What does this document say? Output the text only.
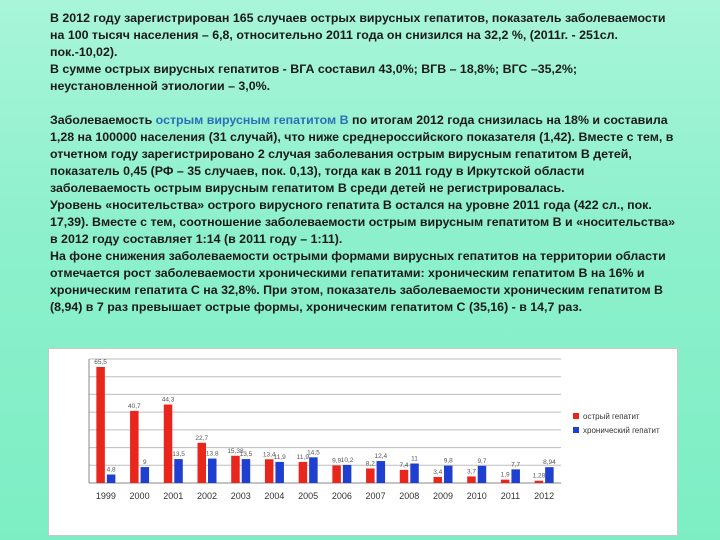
В 2012 году зарегистрирован 165 случаев острых вирусных гепатитов, показатель заболеваемости на 100 тысяч населения – 6,8, относительно 2011 года он снизился на 32,2 %, (2011г. - 251сл. пок.-10,02).

В сумме острых вирусных гепатитов - ВГА составил 43,0%; ВГВ – 18,8%; ВГС –35,2%; неустановленной этиологии – 3,0%.

Заболеваемость острым вирусным гепатитом В по итогам 2012 года снизилась на 18% и составила 1,28 на 100000 населения (31 случай), что ниже среднероссийского показателя (1,42). Вместе с тем, в отчетном году зарегистрировано 2 случая заболевания острым вирусным гепатитом В детей, показатель 0,45 (РФ – 35 случаев, пок. 0,13), тогда как в 2011 году в Иркутской области заболеваемость острым вирусным гепатитом В среди детей не регистрировалась.

Уровень «носительства» острого вирусного гепатита В остался на уровне 2011 года (422 сл., пок. 17,39). Вместе с тем, соотношение заболеваемости острым вирусным гепатитом В и «носительства» в 2012 году составляет 1:14 (в 2011 году – 1:11).

На фоне снижения заболеваемости острыми формами вирусных гепатитов на территории области отмечается рост заболеваемости хроническими гепатитами: хроническим гепатитом В на 16% и хроническим гепатита С на 32,8%. При этом, показатель заболеваемости хроническим гепатитом В (8,94) в 7 раз превышает острые формы, хроническим гепатитом С (35,16) - в 14,7 раз.

1999
65,5
4,8
2000
40,7
9
2001
44,3
13,5
2002
22,7
13,8
2003
15,38
13,5
2004
13,4
11,9
2005
11,9
14,5
2006
9,9 10,2
2007
8,2
12,4
2008
7,4
11
2009
3,4
9,8
2010
3,7
9,7
2011
1,9
7,7
2012
1,28
8,94
острый гепатит
хронический гепатит
